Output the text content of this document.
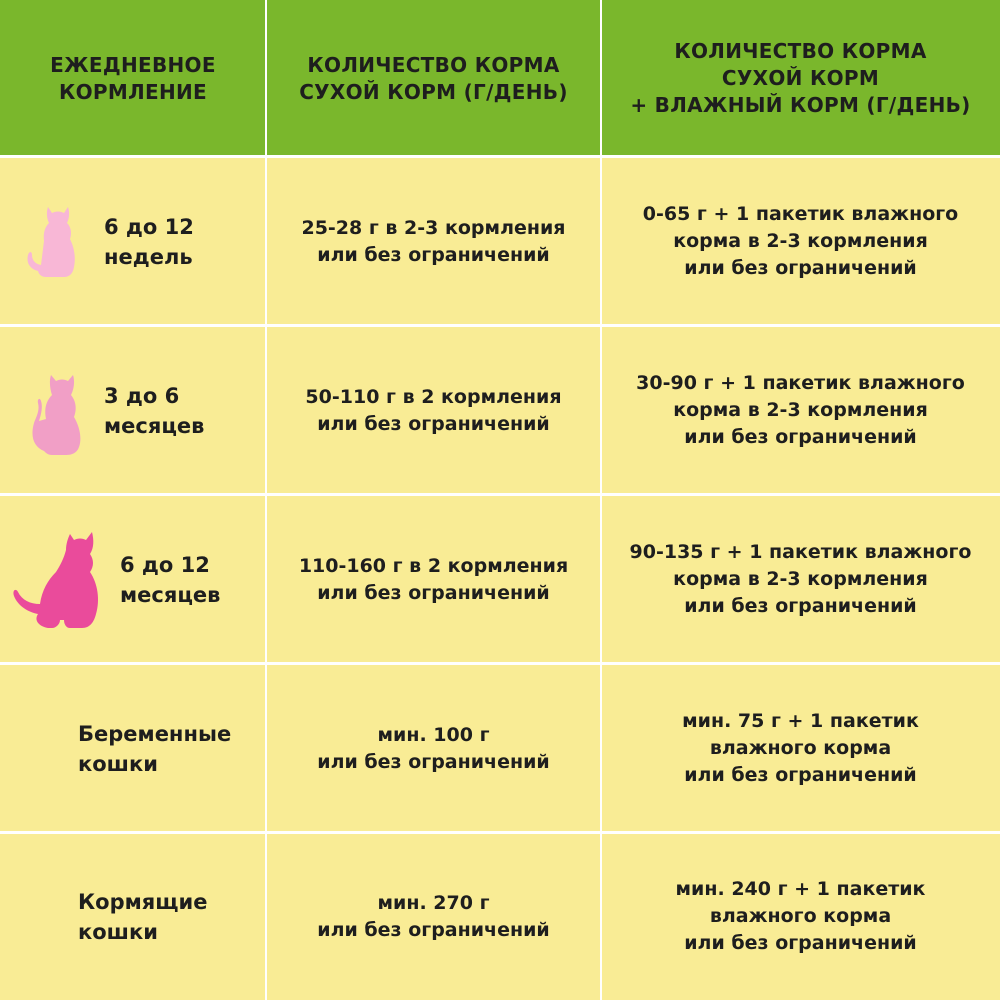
ЕЖЕДНЕВНОЕ
КОРМЛЕНИЕ
КОЛИЧЕСТВО КОРМА
СУХОЙ КОРМ (Г/ДЕНЬ)
КОЛИЧЕСТВО КОРМА
СУХОЙ КОРМ
+ ВЛАЖНЫЙ КОРМ (Г/ДЕНЬ)
6 до 12
недель
25-28 г в 2-3 кормления
или без ограничений
0-65 г + 1 пакетик влажного
корма в 2-3 кормления
или без ограничений
3 до 6
месяцев
50-110 г в 2 кормления
или без ограничений
30-90 г + 1 пакетик влажного
корма в 2-3 кормления
или без ограничений
6 до 12
месяцев
110-160 г в 2 кормления
или без ограничений
90-135 г + 1 пакетик влажного
корма в 2-3 кормления
или без ограничений
Беременные
кошки
мин. 100 г
или без ограничений
мин. 75 г + 1 пакетик
влажного корма
или без ограничений
Кормящие
кошки
мин. 270 г
или без ограничений
мин. 240 г + 1 пакетик
влажного корма
или без ограничений
